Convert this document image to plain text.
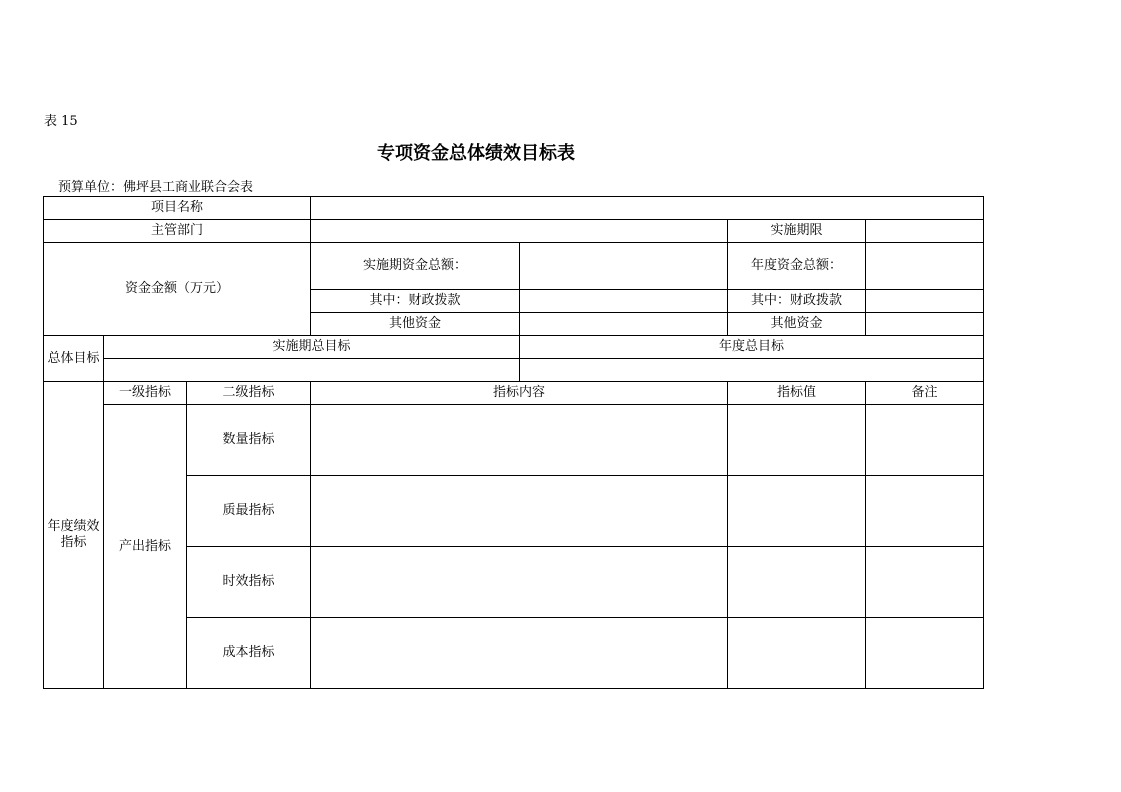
表 15
专项资金总体绩效目标表
预算单位：佛坪县工商业联合会表
项目名称						
主管部门					实施期限	
资金金额（万元）			实施期资金总额：		年度资金总额：	
			其中：财政拨款		其中：财政拨款	
			其他资金		其他资金	
总体目标	实施期总目标			年度总目标		

年度绩效指标	一级指标	二级指标	指标内容		指标值	备注
	产出指标	数量指标				
		质最指标				
		时效指标				
		成本指标				
